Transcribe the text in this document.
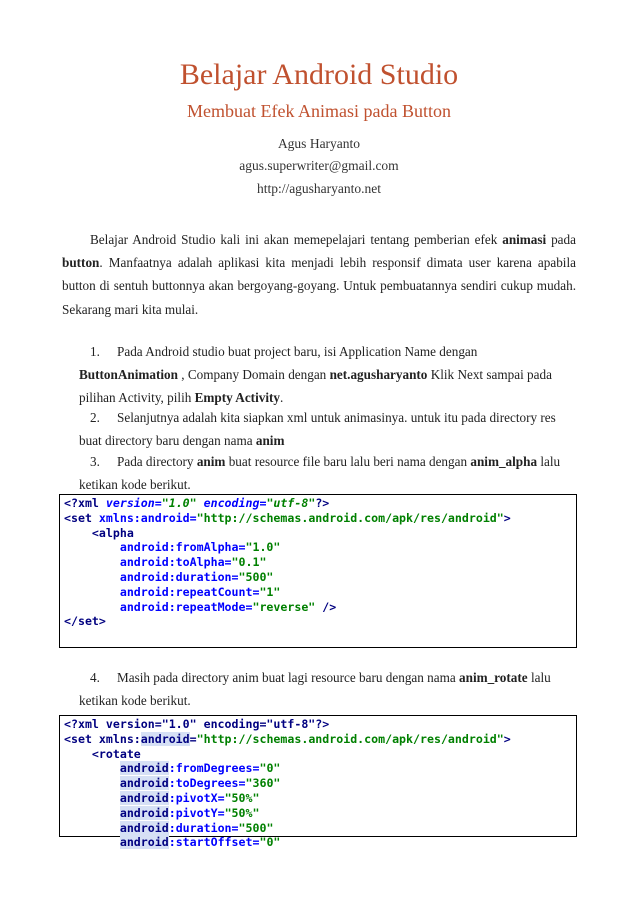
Belajar Android Studio
Membuat Efek Animasi pada Button
Agus Haryanto
agus.superwriter@gmail.com
http://agusharyanto.net
Belajar Android Studio kali ini akan memepelajari tentang pemberian efek animasi pada button. Manfaatnya adalah aplikasi kita menjadi lebih responsif dimata user karena apabila button di sentuh buttonnya akan bergoyang-goyang. Untuk pembuatannya sendiri cukup mudah. Sekarang mari kita mulai.
1. Pada Android studio buat project baru, isi Application Name dengan ButtonAnimation , Company Domain dengan net.agusharyanto Klik Next sampai pada pilihan Activity, pilih Empty Activity.
2. Selanjutnya adalah kita siapkan xml untuk animasinya. untuk itu pada directory res buat directory baru dengan nama anim
3. Pada directory anim buat resource file baru lalu beri nama dengan anim_alpha lalu ketikan kode berikut.
<?xml version="1.0" encoding="utf-8"?>
<set xmlns:android="http://schemas.android.com/apk/res/android">
<alpha
android:fromAlpha="1.0"
android:toAlpha="0.1"
android:duration="500"
android:repeatCount="1"
android:repeatMode="reverse" />
</set>
4. Masih pada directory anim buat lagi resource baru dengan nama anim_rotate lalu ketikan kode berikut.
<?xml version="1.0" encoding="utf-8"?>
<set xmlns:android="http://schemas.android.com/apk/res/android">
<rotate
android:fromDegrees="0"
android:toDegrees="360"
android:pivotX="50%"
android:pivotY="50%"
android:duration="500"
android:startOffset="0"
